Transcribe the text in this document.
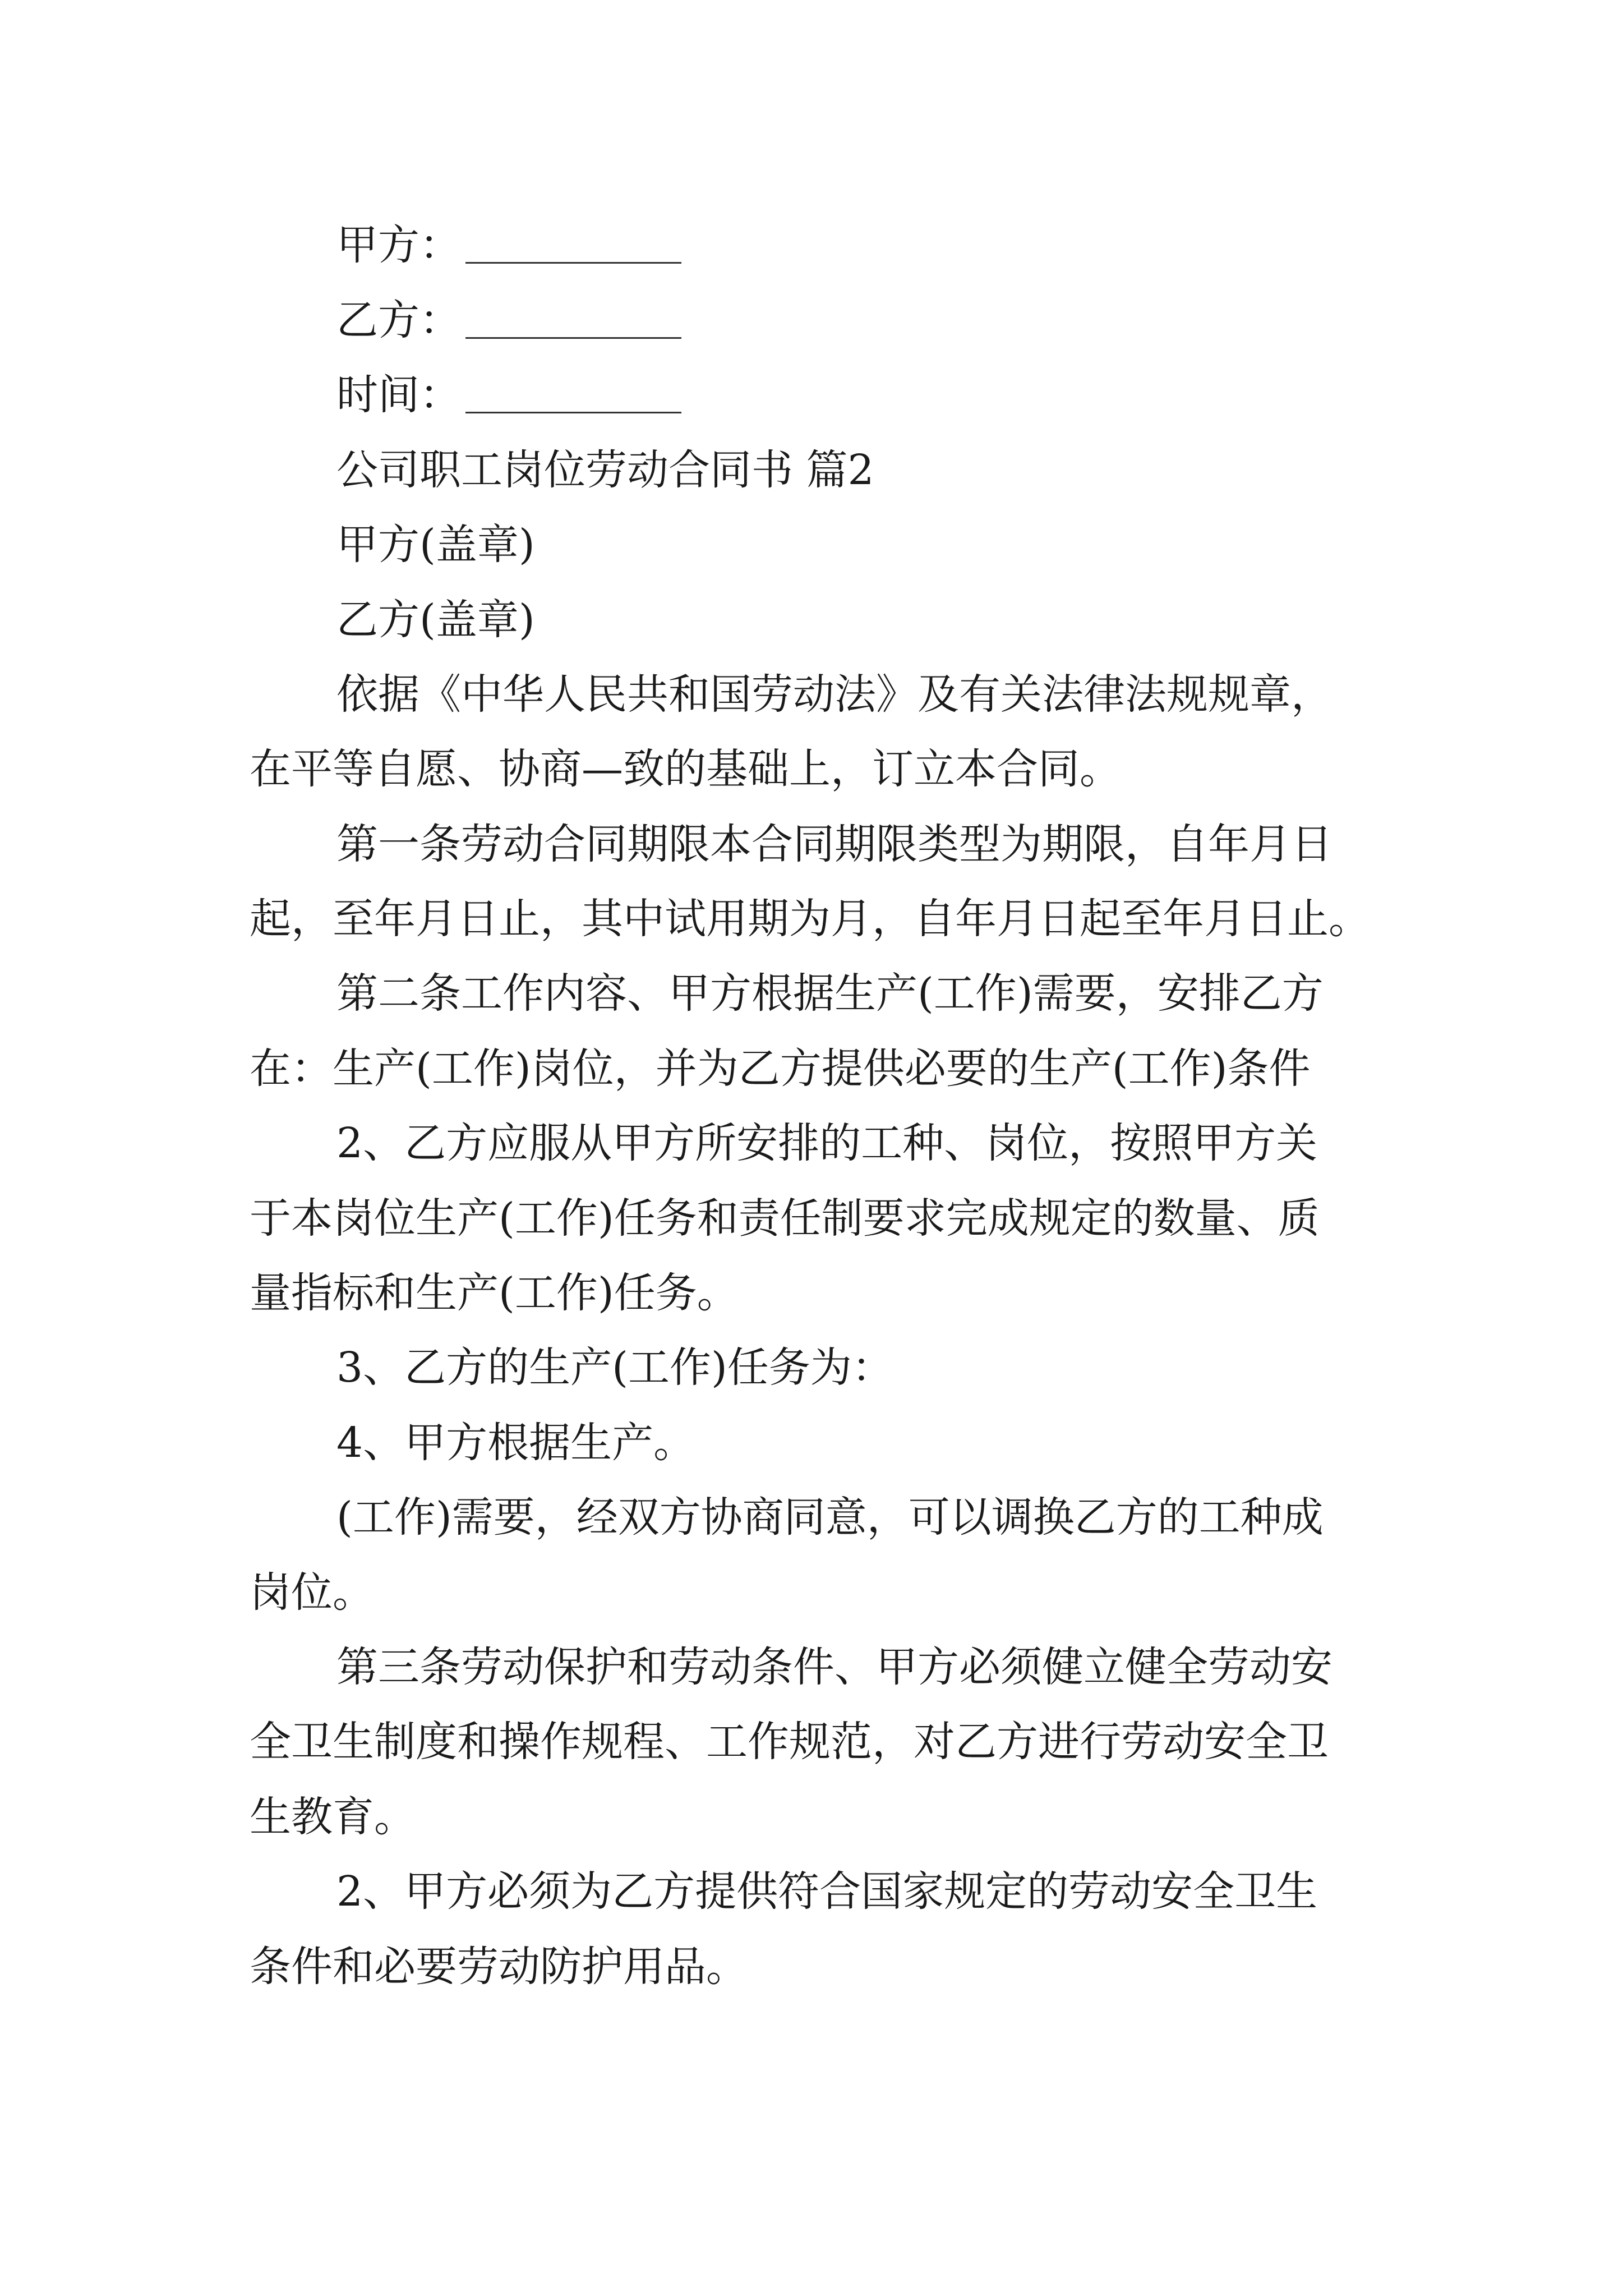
甲方：
乙方：
时间：
公司职工岗位劳动合同书 篇2
甲方(盖章)
乙方(盖章)
依据《中华人民共和国劳动法》及有关法律法规规章，
在平等自愿、协商—致的基础上，订立本合同。
第一条劳动合同期限本合同期限类型为期限，自年月日
起，至年月日止，其中试用期为月，自年月日起至年月日止。
第二条工作内容、甲方根据生产(工作)需要，安排乙方
在：生产(工作)岗位，并为乙方提供必要的生产(工作)条件
2、乙方应服从甲方所安排的工种、岗位，按照甲方关
于本岗位生产(工作)任务和责任制要求完成规定的数量、质
量指标和生产(工作)任务。
3、乙方的生产(工作)任务为：
4、甲方根据生产。
(工作)需要，经双方协商同意，可以调换乙方的工种成
岗位。
第三条劳动保护和劳动条件、甲方必须健立健全劳动安
全卫生制度和操作规程、工作规范，对乙方进行劳动安全卫
生教育。
2、甲方必须为乙方提供符合国家规定的劳动安全卫生
条件和必要劳动防护用品。
